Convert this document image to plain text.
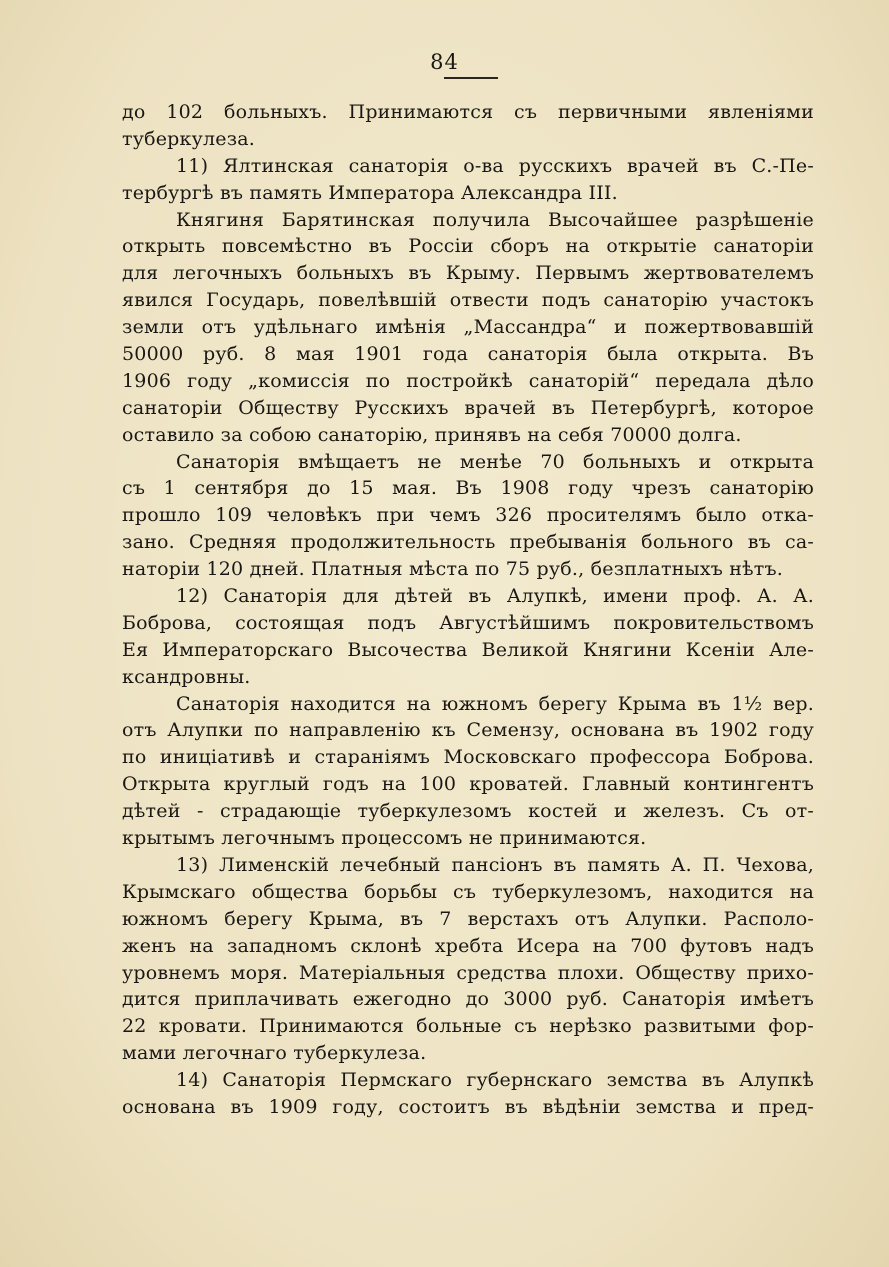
84
до 102 больныхъ. Принимаются съ первичными явленіями
туберкулеза.
11) Ялтинская санаторія о-ва русскихъ врачей въ С.-Пе-
тербургѣ въ память Императора Александра III.
Княгиня Барятинская получила Высочайшее разрѣшеніе
открыть повсемѣстно въ Россіи сборъ на открытіе санаторіи
для легочныхъ больныхъ въ Крыму. Первымъ жертвователемъ
явился Государь, повелѣвшій отвести подъ санаторію участокъ
земли отъ удѣльнаго имѣнія „Массандра“ и пожертвовавшій
50000 руб. 8 мая 1901 года санаторія была открыта. Въ
1906 году „комиссія по постройкѣ санаторій“ передала дѣло
санаторіи Обществу Русскихъ врачей въ Петербургѣ, которое
оставило за собою санаторію, принявъ на себя 70000 долга.
Санаторія вмѣщаетъ не менѣе 70 больныхъ и открыта
съ 1 сентября до 15 мая. Въ 1908 году чрезъ санаторію
прошло 109 человѣкъ при чемъ 326 просителямъ было отка-
зано. Средняя продолжительность пребыванія больного въ са-
наторіи 120 дней. Платныя мѣста по 75 руб., безплатныхъ нѣтъ.
12) Санаторія для дѣтей въ Алупкѣ, имени проф. А. А.
Боброва, состоящая подъ Августѣйшимъ покровительствомъ
Ея Императорскаго Высочества Великой Княгини Ксеніи Але-
ксандровны.
Санаторія находится на южномъ берегу Крыма въ 1½ вер.
отъ Алупки по направленію къ Семензу, основана въ 1902 году
по иниціативѣ и стараніямъ Московскаго профессора Боброва.
Открыта круглый годъ на 100 кроватей. Главный контингентъ
дѣтей - страдающіе туберкулезомъ костей и железъ. Съ от-
крытымъ легочнымъ процессомъ не принимаются.
13) Лименскій лечебный пансіонъ въ память А. П. Чехова,
Крымскаго общества борьбы съ туберкулезомъ, находится на
южномъ берегу Крыма, въ 7 верстахъ отъ Алупки. Располо-
женъ на западномъ склонѣ хребта Исера на 700 футовъ надъ
уровнемъ моря. Матеріальныя средства плохи. Обществу прихо-
дится приплачивать ежегодно до 3000 руб. Санаторія имѣетъ
22 кровати. Принимаются больные съ нерѣзко развитыми фор-
мами легочнаго туберкулеза.
14) Санаторія Пермскаго губернскаго земства въ Алупкѣ
основана въ 1909 году, состоитъ въ вѣдѣніи земства и пред-
